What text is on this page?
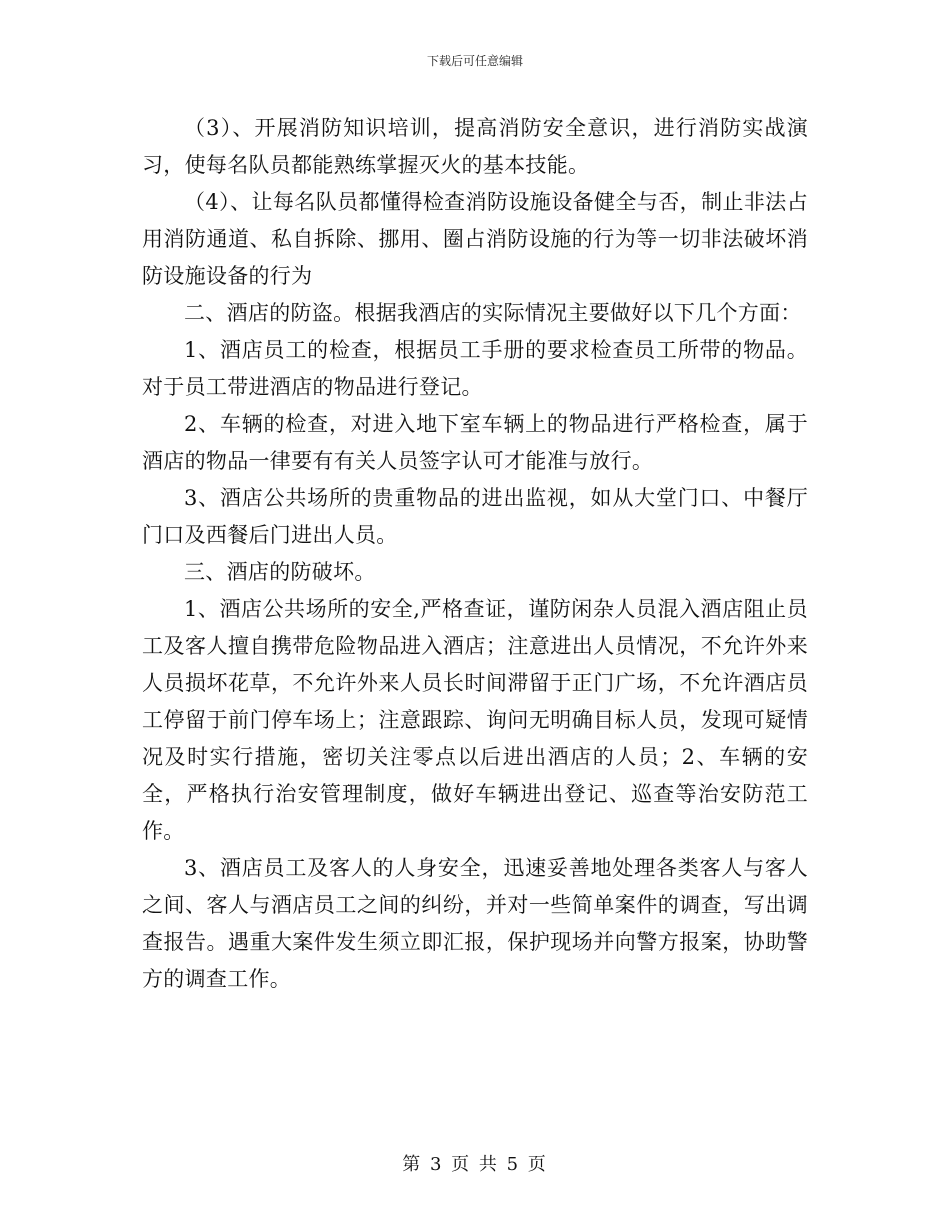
下载后可任意编辑

（3）、开展消防知识培训，提高消防安全意识，进行消防实战演习，使每名队员都能熟练掌握灭火的基本技能。

（4）、让每名队员都懂得检查消防设施设备健全与否，制止非法占用消防通道、私自拆除、挪用、圈占消防设施的行为等一切非法破坏消防设施设备的行为

二、酒店的防盗。根据我酒店的实际情况主要做好以下几个方面：

1、酒店员工的检查，根据员工手册的要求检查员工所带的物品。对于员工带进酒店的物品进行登记。

2、车辆的检查，对进入地下室车辆上的物品进行严格检查，属于酒店的物品一律要有有关人员签字认可才能准与放行。

3、酒店公共场所的贵重物品的进出监视，如从大堂门口、中餐厅门口及西餐后门进出人员。

三、酒店的防破坏。

1、酒店公共场所的安全,严格查证，谨防闲杂人员混入酒店阻止员工及客人擅自携带危险物品进入酒店；注意进出人员情况，不允许外来人员损坏花草，不允许外来人员长时间滞留于正门广场，不允许酒店员工停留于前门停车场上；注意跟踪、询问无明确目标人员，发现可疑情况及时实行措施，密切关注零点以后进出酒店的人员；2、车辆的安全，严格执行治安管理制度，做好车辆进出登记、巡查等治安防范工作。

3、酒店员工及客人的人身安全，迅速妥善地处理各类客人与客人之间、客人与酒店员工之间的纠纷，并对一些简单案件的调查，写出调查报告。遇重大案件发生须立即汇报，保护现场并向警方报案，协助警方的调查工作。

第 3 页 共 5 页
